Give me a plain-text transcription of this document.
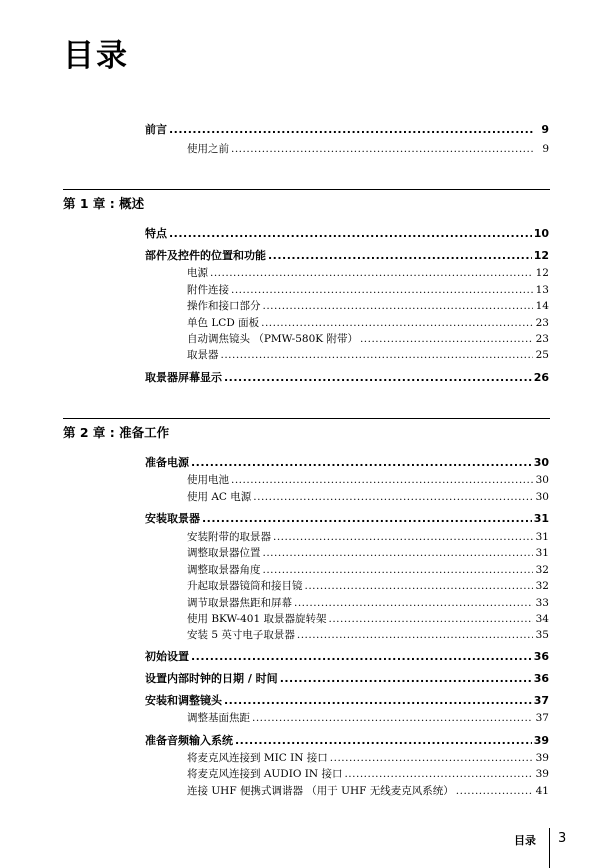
目录
前言 .....	9
使用之前 .....	9
第 1 章 : 概述
特点 .....	10
部件及控件的位置和功能 .....	12
电源 .....	12
附件连接 .....	13
操作和接口部分 .....	14
单色 LCD 面板 .....	23
自动调焦镜头 （PMW-580K 附带） .....	23
取景器 .....	25
取景器屏幕显示 .....	26
第 2 章 : 准备工作
准备电源 .....	30
使用电池 .....	30
使用 AC 电源 .....	30
安装取景器 .....	31
安装附带的取景器 .....	31
调整取景器位置 .....	31
调整取景器角度 .....	32
升起取景器镜筒和接目镜 .....	32
调节取景器焦距和屏幕 .....	33
使用 BKW-401 取景器旋转架 .....	34
安装 5 英寸电子取景器 .....	35
初始设置 .....	36
设置内部时钟的日期 / 时间 .....	36
安装和调整镜头 .....	37
调整基面焦距 .....	37
准备音频输入系统 .....	39
将麦克风连接到 MIC IN 接口 .....	39
将麦克风连接到 AUDIO IN 接口 .....	39
连接 UHF 便携式调谐器 （用于 UHF 无线麦克风系统） .....	41
目录 3
